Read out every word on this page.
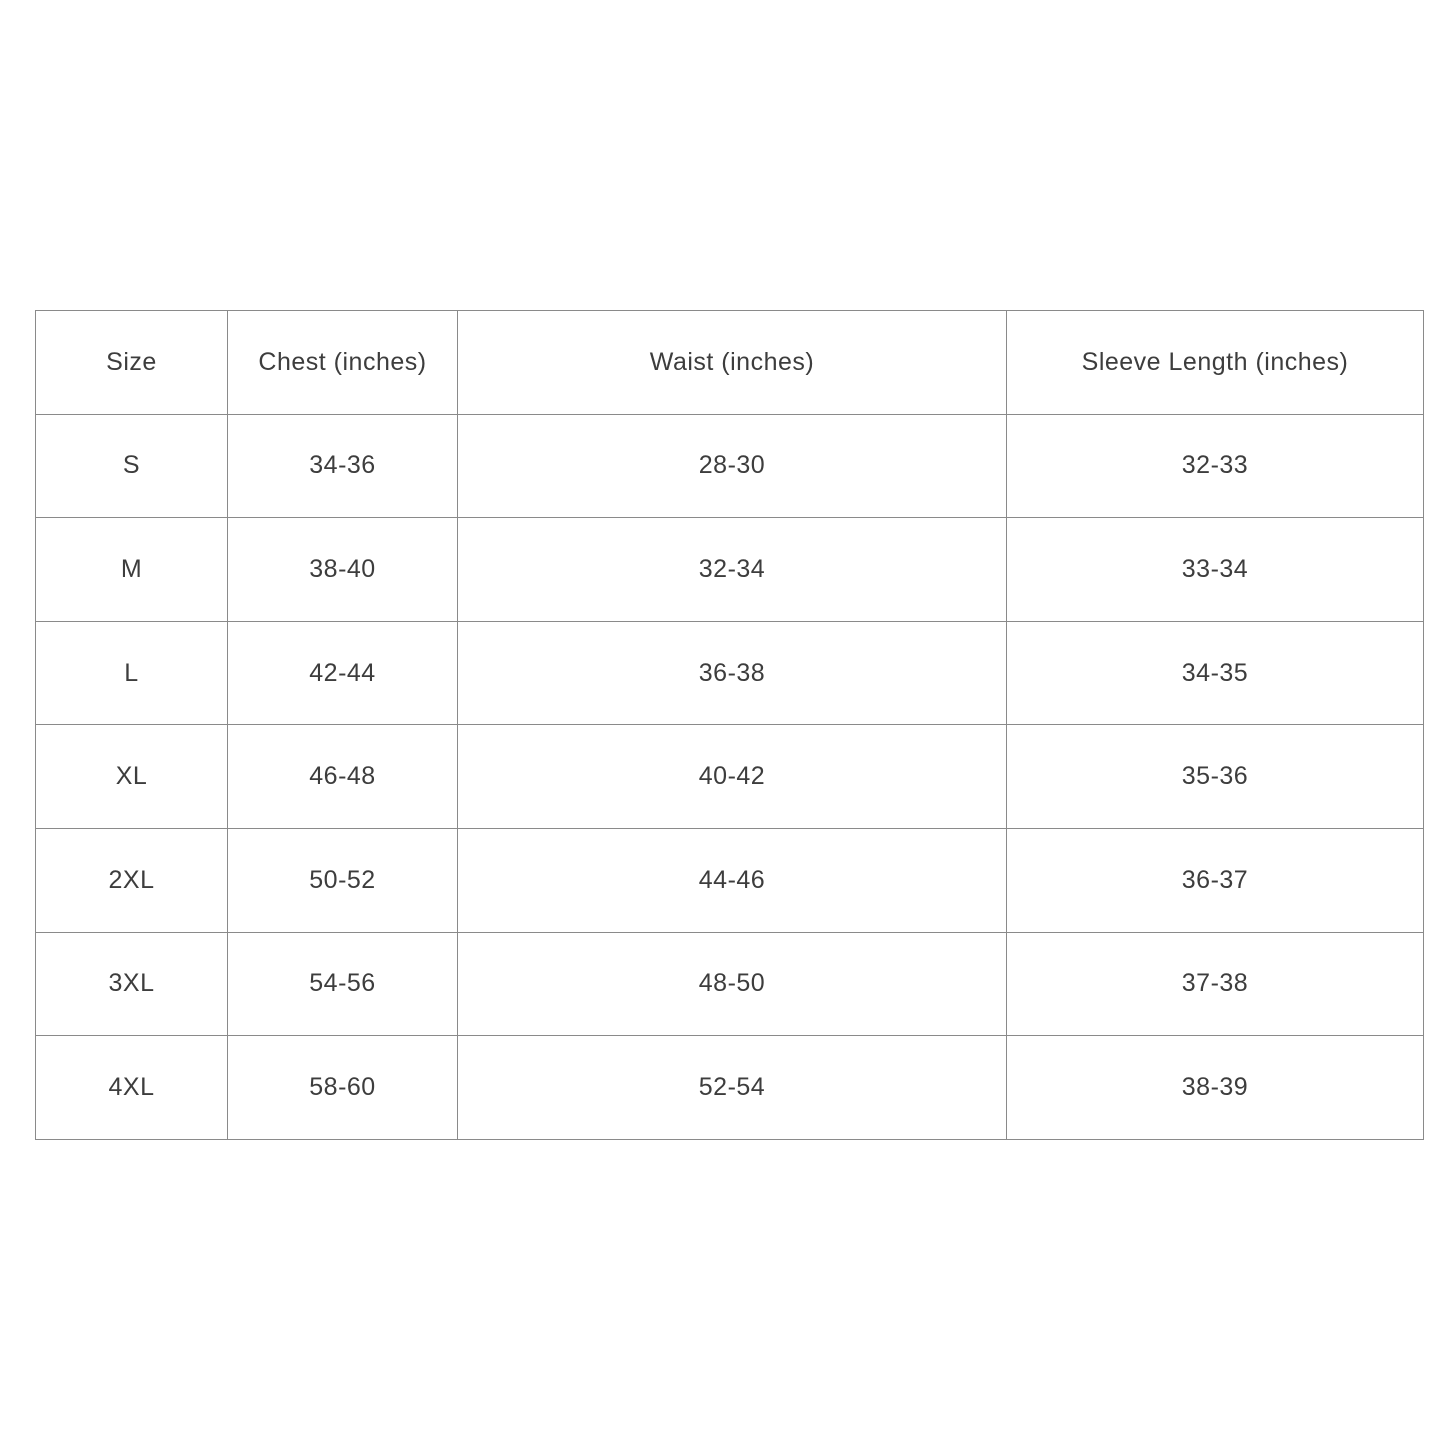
Size	Chest (inches)	Waist (inches)	Sleeve Length (inches)
S	34-36	28-30	32-33
M	38-40	32-34	33-34
L	42-44	36-38	34-35
XL	46-48	40-42	35-36
2XL	50-52	44-46	36-37
3XL	54-56	48-50	37-38
4XL	58-60	52-54	38-39
